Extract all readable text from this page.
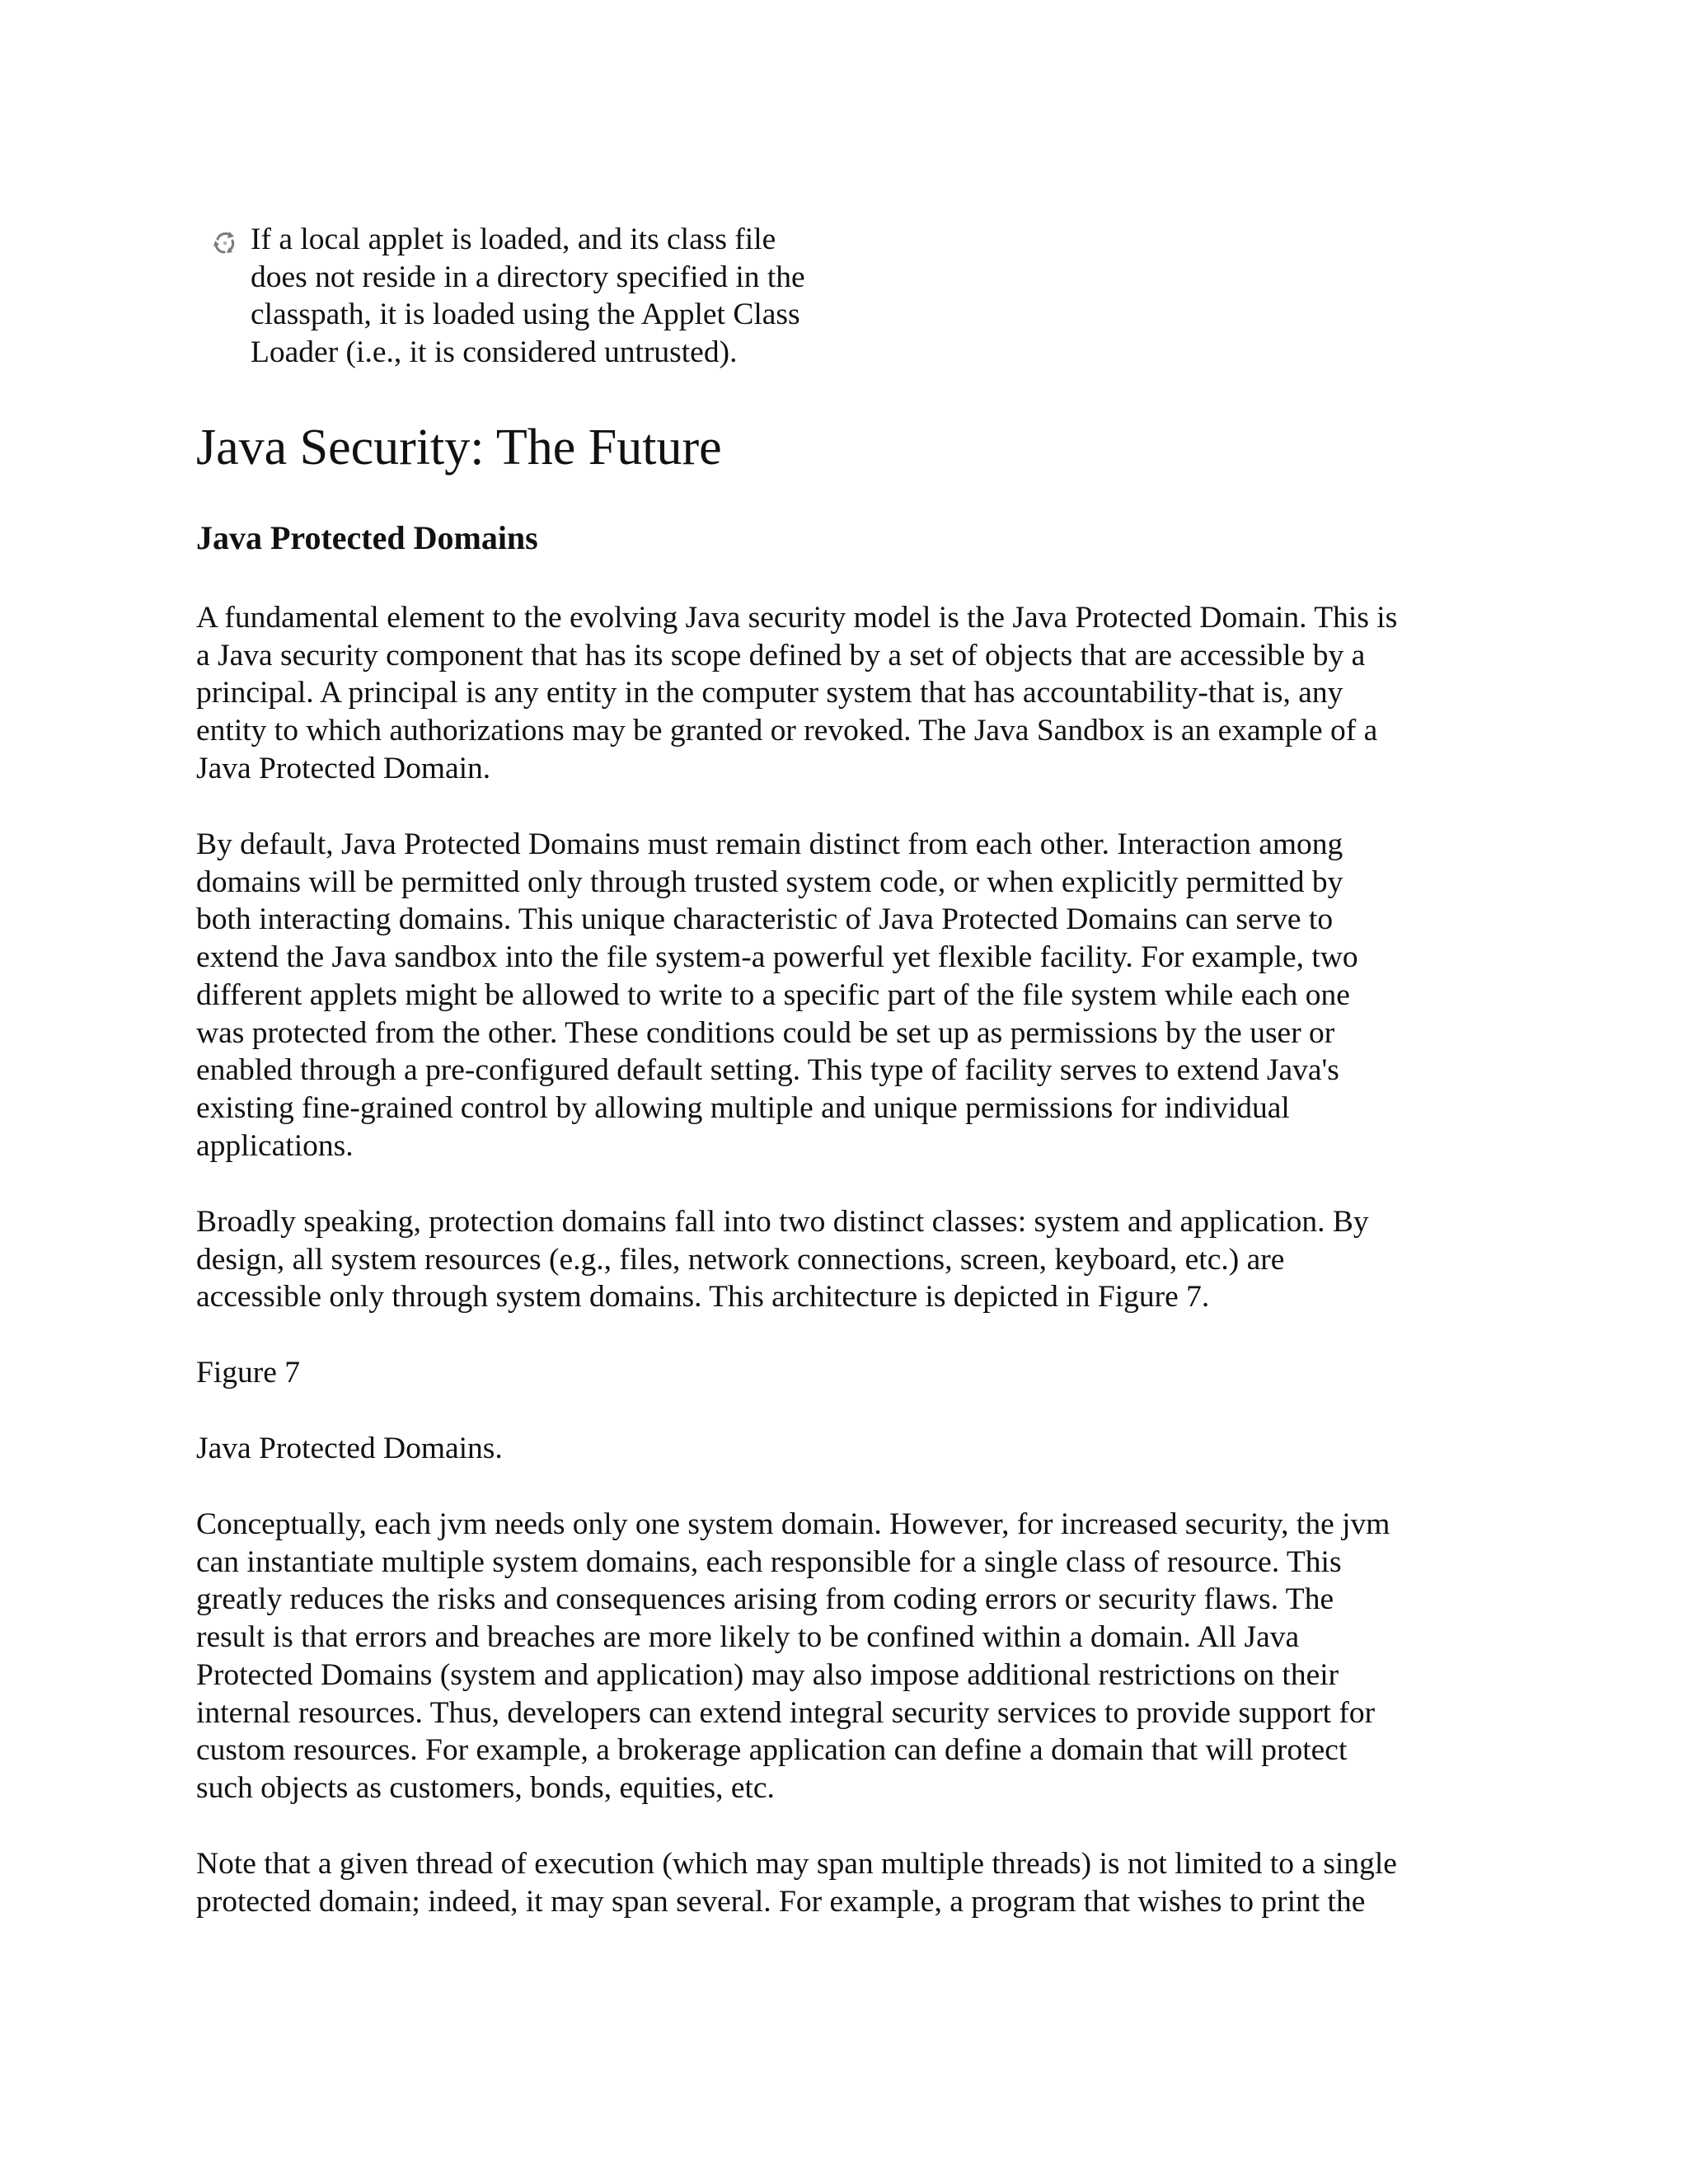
If a local applet is loaded, and its class file
does not reside in a directory specified in the
classpath, it is loaded using the Applet Class
Loader (i.e., it is considered untrusted).
Java Security: The Future
Java Protected Domains

A fundamental element to the evolving Java security model is the Java Protected Domain. This is
a Java security component that has its scope defined by a set of objects that are accessible by a
principal. A principal is any entity in the computer system that has accountability-that is, any
entity to which authorizations may be granted or revoked. The Java Sandbox is an example of a
Java Protected Domain.

By default, Java Protected Domains must remain distinct from each other. Interaction among
domains will be permitted only through trusted system code, or when explicitly permitted by
both interacting domains. This unique characteristic of Java Protected Domains can serve to
extend the Java sandbox into the file system-a powerful yet flexible facility. For example, two
different applets might be allowed to write to a specific part of the file system while each one
was protected from the other. These conditions could be set up as permissions by the user or
enabled through a pre-configured default setting. This type of facility serves to extend Java's
existing fine-grained control by allowing multiple and unique permissions for individual
applications.

Broadly speaking, protection domains fall into two distinct classes: system and application. By
design, all system resources (e.g., files, network connections, screen, keyboard, etc.) are
accessible only through system domains. This architecture is depicted in Figure 7.

Figure 7

Java Protected Domains.

Conceptually, each jvm needs only one system domain. However, for increased security, the jvm
can instantiate multiple system domains, each responsible for a single class of resource. This
greatly reduces the risks and consequences arising from coding errors or security flaws. The
result is that errors and breaches are more likely to be confined within a domain. All Java
Protected Domains (system and application) may also impose additional restrictions on their
internal resources. Thus, developers can extend integral security services to provide support for
custom resources. For example, a brokerage application can define a domain that will protect
such objects as customers, bonds, equities, etc.

Note that a given thread of execution (which may span multiple threads) is not limited to a single
protected domain; indeed, it may span several. For example, a program that wishes to print the
